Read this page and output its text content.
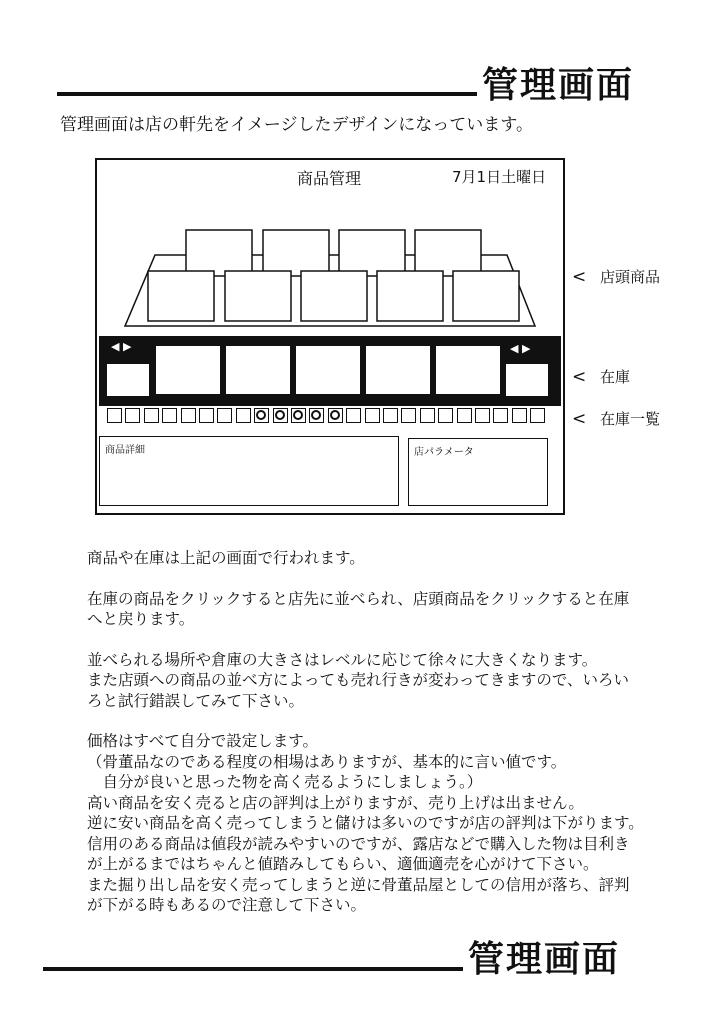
管理画面
管理画面は店の軒先をイメージしたデザインになっています。
商品管理	7月1日土曜日
◀ ▶	◀ ▶
商品詳細	店パラメータ
< 店頭商品
< 在庫
< 在庫一覧

商品や在庫は上記の画面で行われます。

在庫の商品をクリックすると店先に並べられ、店頭商品をクリックすると在庫
へと戻ります。

並べられる場所や倉庫の大きさはレベルに応じて徐々に大きくなります。
また店頭への商品の並べ方によっても売れ行きが変わってきますので、いろい
ろと試行錯誤してみて下さい。

価格はすべて自分で設定します。
（骨董品なのである程度の相場はありますが、基本的に言い値です。
　自分が良いと思った物を高く売るようにしましょう。）
高い商品を安く売ると店の評判は上がりますが、売り上げは出ません。
逆に安い商品を高く売ってしまうと儲けは多いのですが店の評判は下がります。
信用のある商品は値段が読みやすいのですが、露店などで購入した物は目利き
が上がるまではちゃんと値踏みしてもらい、適価適売を心がけて下さい。
また掘り出し品を安く売ってしまうと逆に骨董品屋としての信用が落ち、評判
が下がる時もあるので注意して下さい。

管理画面
